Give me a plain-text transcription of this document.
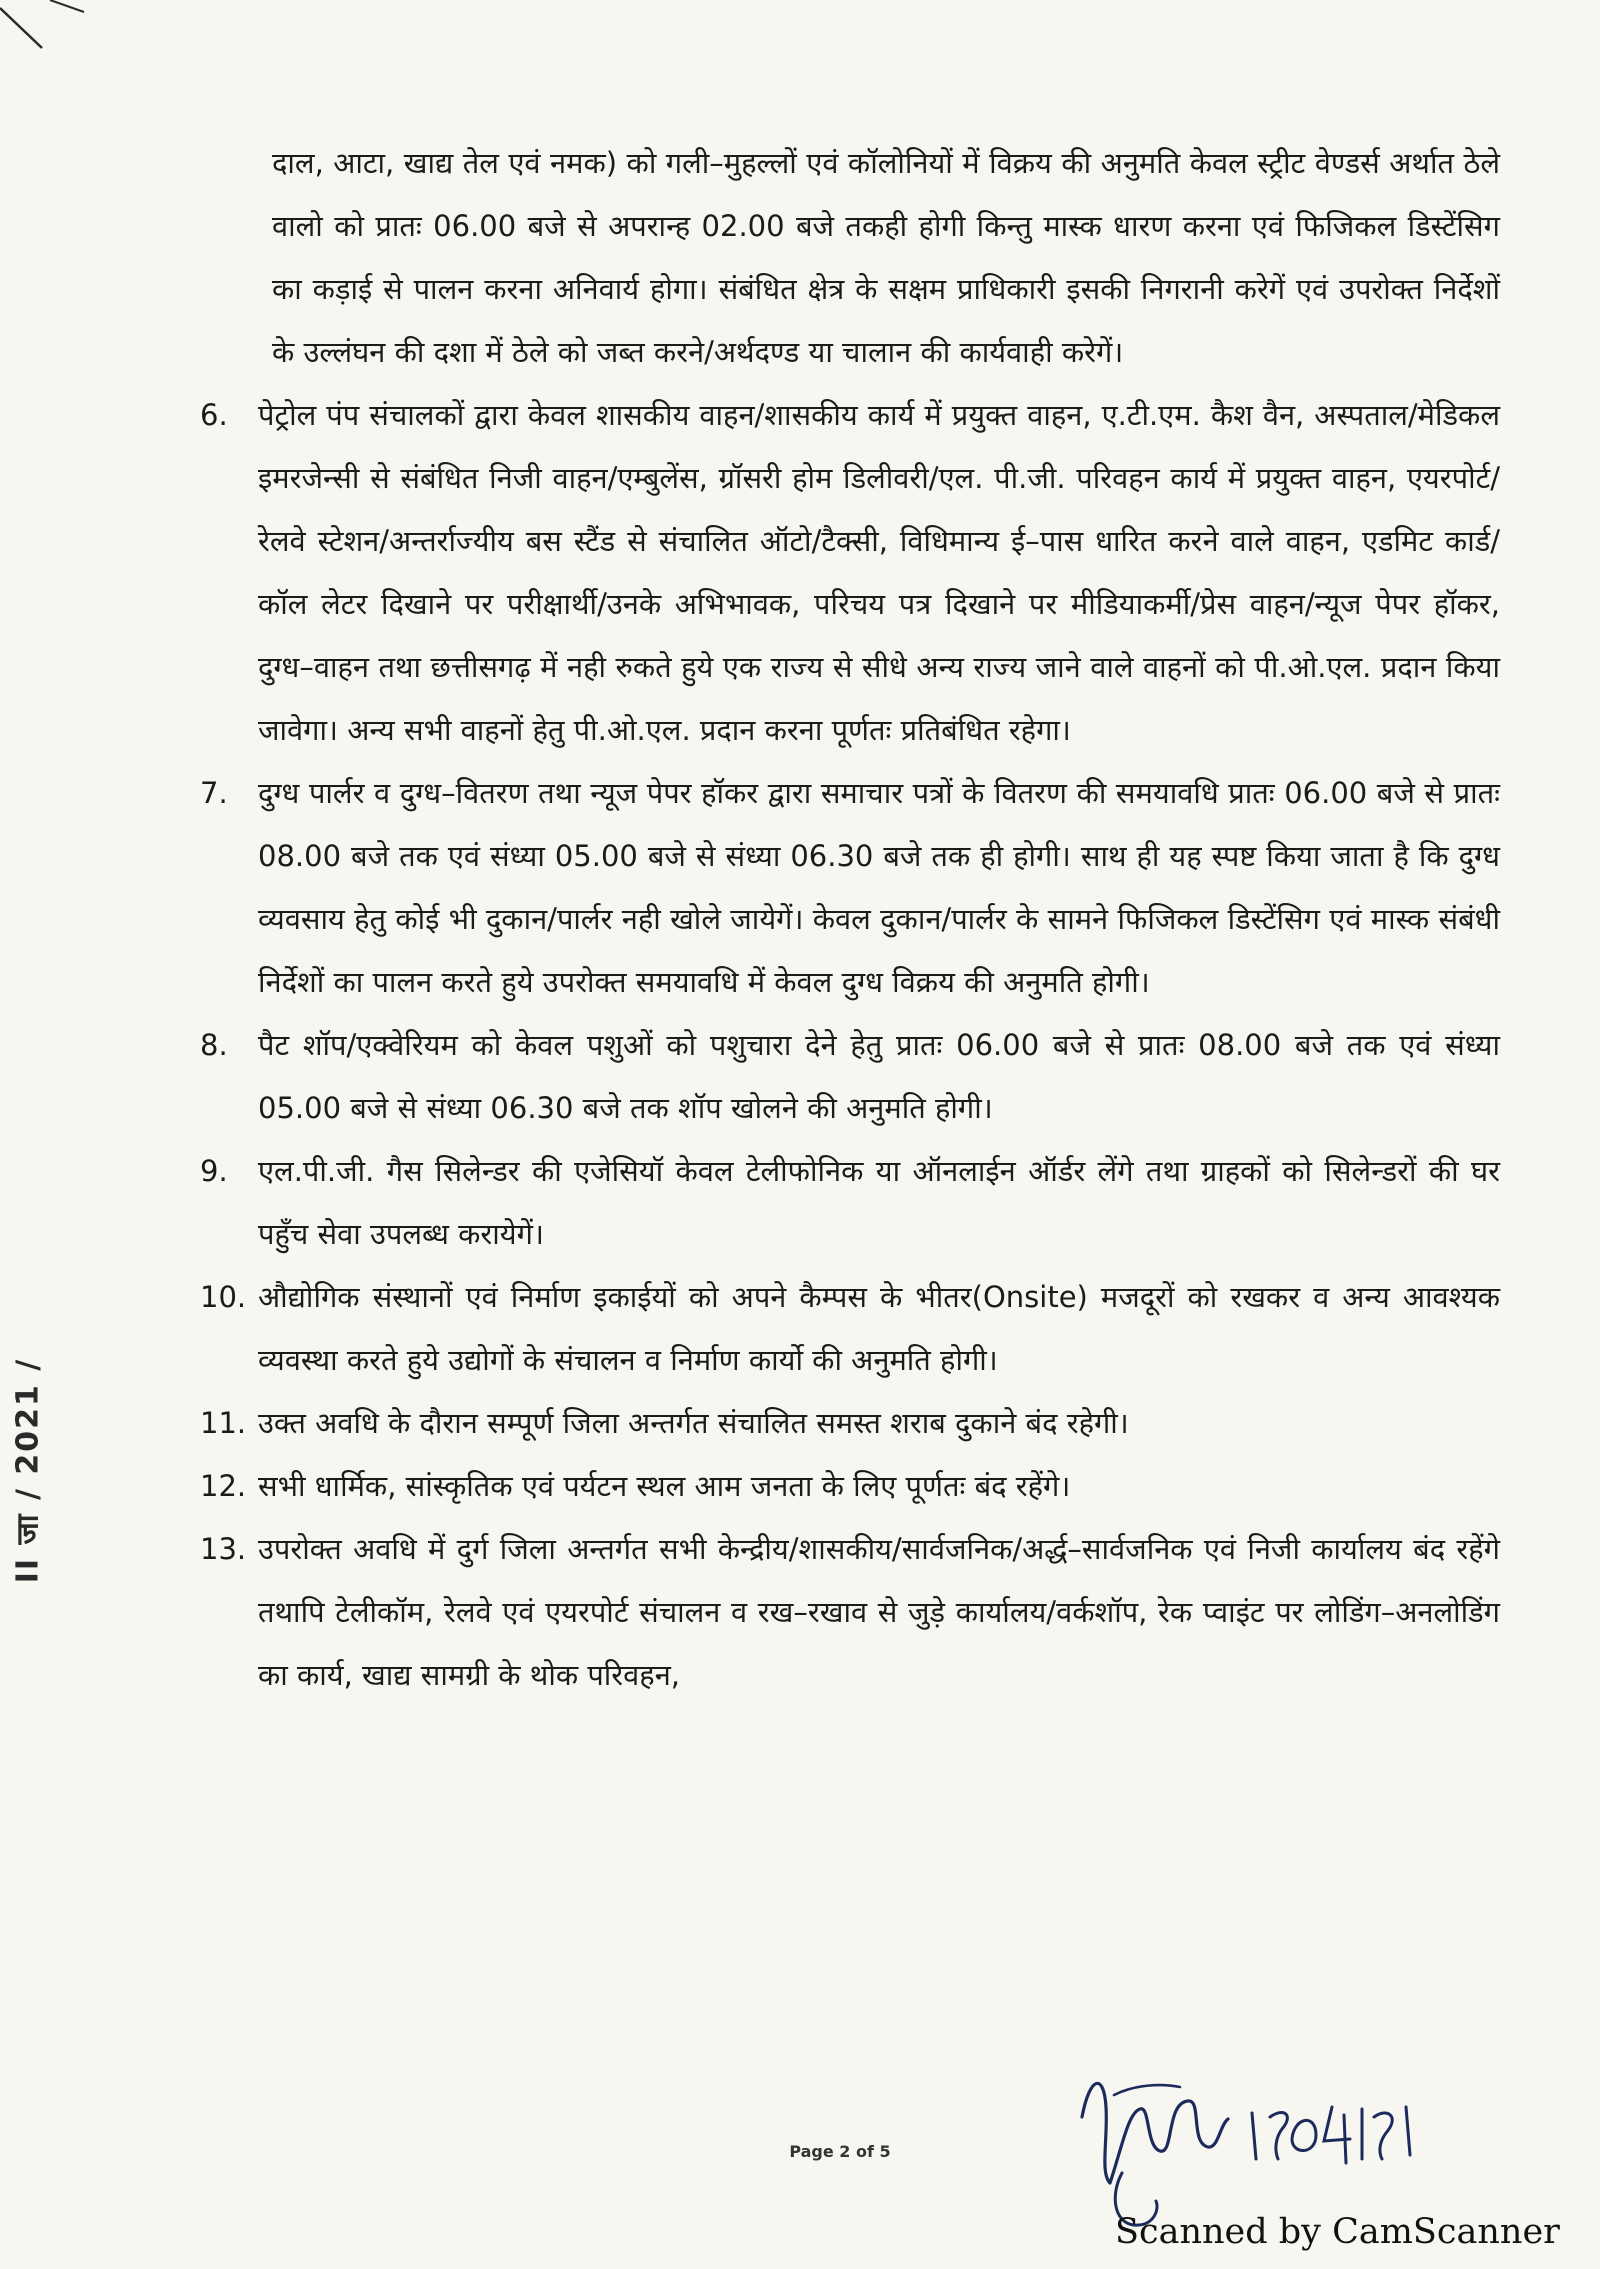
II जा / 2021 /
दाल, आटा, खाद्य तेल एवं नमक) को गली–मुहल्लों एवं कॉलोनियों में विक्रय की अनुमति केवल स्ट्रीट वेण्डर्स अर्थात ठेले वालो को प्रातः 06.00 बजे से अपरान्ह 02.00 बजे तकही होगी किन्तु मास्क धारण करना एवं फिजिकल डिस्टेंसिग का कड़ाई से पालन करना अनिवार्य होगा। संबंधित क्षेत्र के सक्षम प्राधिकारी इसकी निगरानी करेगें एवं उपरोक्त निर्देशों के उल्लंघन की दशा में ठेले को जब्त करने/अर्थदण्ड या चालान की कार्यवाही करेगें।
6.	पेट्रोल पंप संचालकों द्वारा केवल शासकीय वाहन/शासकीय कार्य में प्रयुक्त वाहन, ए.टी.एम. कैश वैन, अस्पताल/मेडिकल इमरजेन्सी से संबंधित निजी वाहन/एम्बुलेंस, ग्रॉसरी होम डिलीवरी/एल. पी.जी. परिवहन कार्य में प्रयुक्त वाहन, एयरपोर्ट/रेलवे स्टेशन/अन्तर्राज्यीय बस स्टैंड से संचालित ऑटो/टैक्सी, विधिमान्य ई–पास धारित करने वाले वाहन, एडमिट कार्ड/कॉल लेटर दिखाने पर परीक्षार्थी/उनके अभिभावक, परिचय पत्र दिखाने पर मीडियाकर्मी/प्रेस वाहन/न्यूज पेपर हॉकर, दुग्ध–वाहन तथा छत्तीसगढ़ में नही रुकते हुये एक राज्य से सीधे अन्य राज्य जाने वाले वाहनों को पी.ओ.एल. प्रदान किया जावेगा। अन्य सभी वाहनों हेतु पी.ओ.एल. प्रदान करना पूर्णतः प्रतिबंधित रहेगा।
7.	दुग्ध पार्लर व दुग्ध–वितरण तथा न्यूज पेपर हॉकर द्वारा समाचार पत्रों के वितरण की समयावधि प्रातः 06.00 बजे से प्रातः 08.00 बजे तक एवं संध्या 05.00 बजे से संध्या 06.30 बजे तक ही होगी। साथ ही यह स्पष्ट किया जाता है कि दुग्ध व्यवसाय हेतु कोई भी दुकान/पार्लर नही खोले जायेगें। केवल दुकान/पार्लर के सामने फिजिकल डिस्टेंसिग एवं मास्क संबंधी निर्देशों का पालन करते हुये उपरोक्त समयावधि में केवल दुग्ध विक्रय की अनुमति होगी।
8.	पैट शॉप/एक्वेरियम को केवल पशुओं को पशुचारा देने हेतु प्रातः 06.00 बजे से प्रातः 08.00 बजे तक एवं संध्या 05.00 बजे से संध्या 06.30 बजे तक शॉप खोलने की अनुमति होगी।
9.	एल.पी.जी. गैस सिलेन्डर की एजेसियॉ केवल टेलीफोनिक या ऑनलाईन ऑर्डर लेंगे तथा ग्राहकों को सिलेन्डरों की घर पहुँच सेवा उपलब्ध करायेगें।
10. औद्योगिक संस्थानों एवं निर्माण इकाईयों को अपने कैम्पस के भीतर(Onsite) मजदूरों को रखकर व अन्य आवश्यक व्यवस्था करते हुये उद्योगों के संचालन व निर्माण कार्यो की अनुमति होगी।
11. उक्त अवधि के दौरान सम्पूर्ण जिला अन्तर्गत संचालित समस्त शराब दुकाने बंद रहेगी।
12. सभी धार्मिक, सांस्कृतिक एवं पर्यटन स्थल आम जनता के लिए पूर्णतः बंद रहेंगे।
13. उपरोक्त अवधि में दुर्ग जिला अन्तर्गत सभी केन्द्रीय/शासकीय/सार्वजनिक/अर्द्ध–सार्वजनिक एवं निजी कार्यालय बंद रहेंगे तथापि टेलीकॉम, रेलवे एवं एयरपोर्ट संचालन व रख–रखाव से जुड़े कार्यालय/वर्कशॉप, रेक प्वाइंट पर लोडिंग–अनलोडिंग का कार्य, खाद्य सामग्री के थोक परिवहन,
Page 2 of 5
Scanned by CamScanner
